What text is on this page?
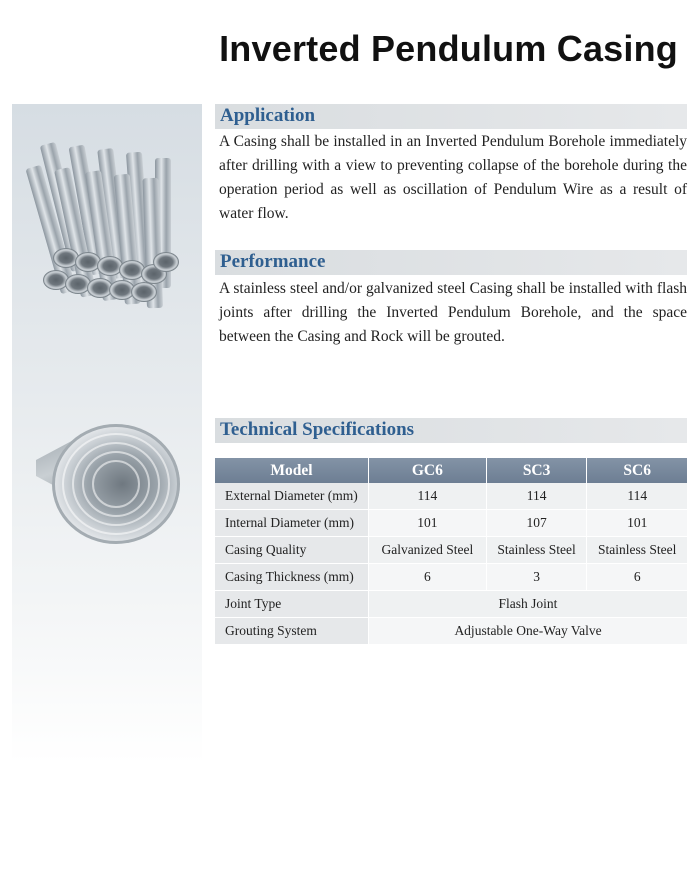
Inverted Pendulum Casing
Application
A Casing shall be installed in an Inverted Pendulum Borehole immediately after drilling with a view to preventing collapse of the borehole during the operation period as well as oscillation of Pendulum Wire as a result of water flow.
Performance
A stainless steel and/or galvanized steel Casing shall be installed with flash joints after drilling the Inverted Pendulum Borehole, and the space between the Casing and Rock will be grouted.
Technical Specifications
Model	GC6	SC3	SC6
External Diameter (mm)	114	114	114
Internal Diameter (mm)	101	107	101
Casing Quality	Galvanized Steel	Stainless Steel	Stainless Steel
Casing Thickness (mm)	6	3	6
Joint Type	Flash Joint		
Grouting System	Adjustable One-Way Valve		
